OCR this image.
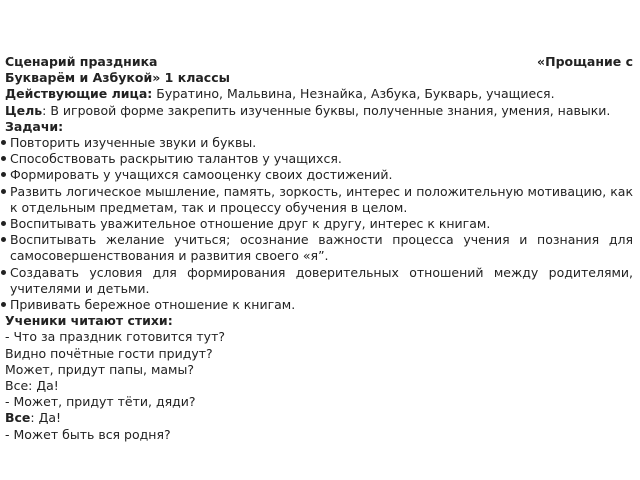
Сценарий праздника	«Прощание с
Букварём и Азбукой» 1 классы
Действующие лица: Буратино, Мальвина, Незнайка, Азбука, Букварь, учащиеся.
Цель: В игровой форме закрепить изученные буквы, полученные знания, умения, навыки.
Задачи:
Повторить изученные звуки и буквы.
Способствовать раскрытию талантов у учащихся.
Формировать у учащихся самооценку своих достижений.
Развить логическое мышление, память, зоркость, интерес и положительную мотивацию, как к отдельным предметам, так и процессу обучения в целом.
Воспитывать уважительное отношение друг к другу, интерес к книгам.
Воспитывать желание учиться; осознание важности процесса учения и познания для самосовершенствования и развития своего «я”.
Создавать условия для формирования доверительных отношений между родителями, учителями и детьми.
Прививать бережное отношение к книгам.
Ученики читают стихи:
- Что за праздник готовится тут?
Видно почётные гости придут?
Может, придут папы, мамы?
Все: Да!
- Может, придут тёти, дяди?
Все: Да!
- Может быть вся родня?
